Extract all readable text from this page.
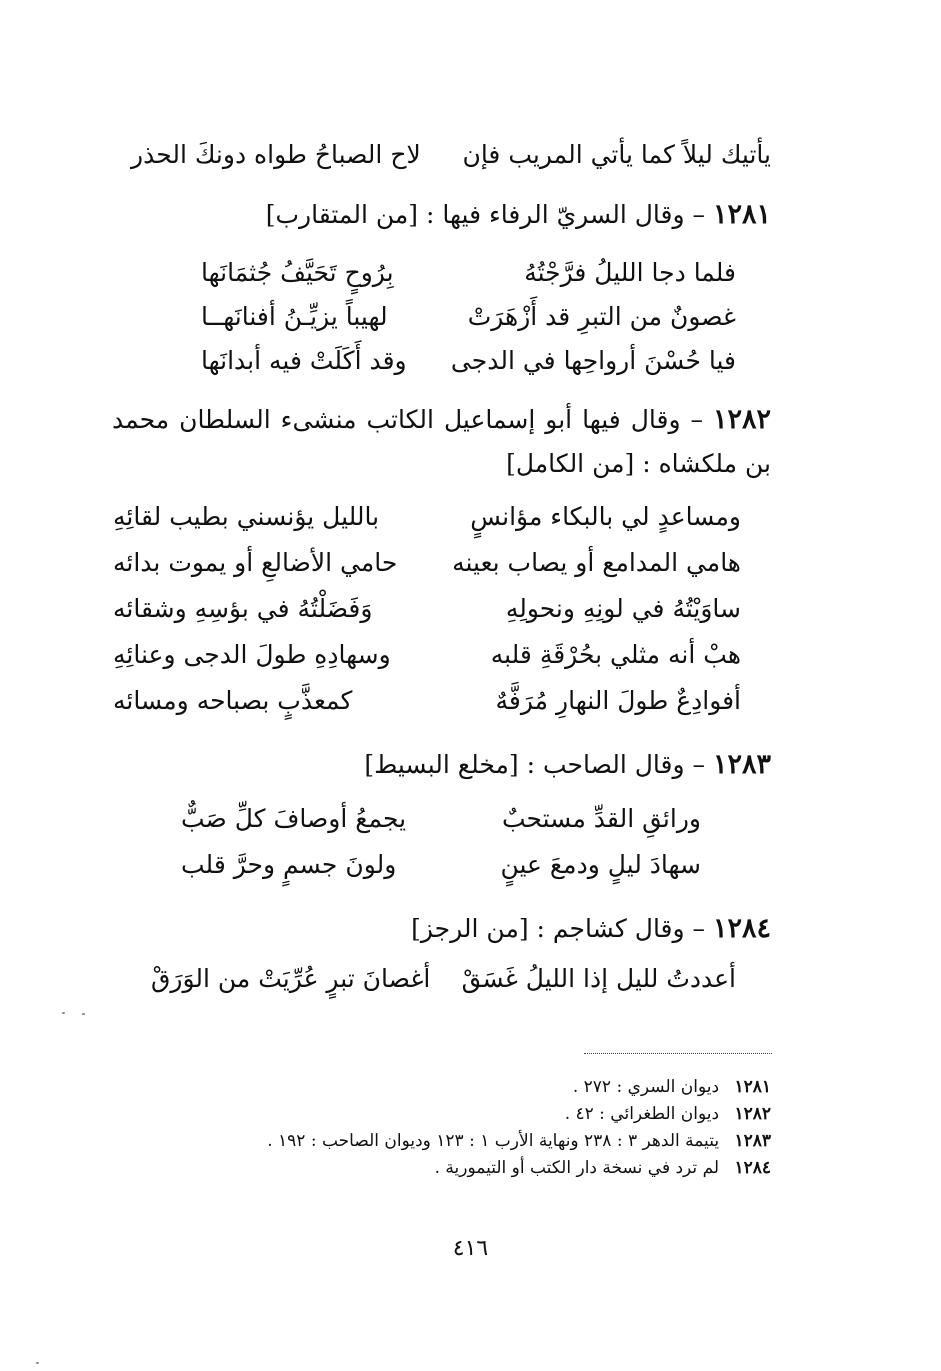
يأتيك ليلاً كما يأتي المريب فإن
لاح الصباحُ طواه دونكَ الحذر
١٢٨١ – وقال السريّ الرفاء فيها : [من المتقارب]
فلما دجا الليلُ فرَّجْتُهُ
بِرُوحٍ تَحَيَّفُ جُثمَانَها
غصونٌ من التبرِ قد أَزْهَرَتْ
لهيباً يزيِّـنُ أفنانَهــا
فيا حُسْنَ أرواحِها في الدجى
وقد أَكَلَتْ فيه أبدانَها
١٢٨٢ – وقال فيها أبو إسماعيل الكاتب منشىء السلطان محمد بن ملكشاه : [من الكامل]
ومساعدٍ لي بالبكاء مؤانسٍ
بالليل يؤنسني بطيب لقائِهِ
هامي المدامع أو يصاب بعينه
حامي الأضالعِ أو يموت بدائه
ساوَيْتُهُ في لونِهِ ونحولِهِ
وَفَضَلْتُهُ في بؤسِهِ وشقائه
هبْ أنه مثلي بحُرْقَةِ قلبه
وسهادِهِ طولَ الدجى وعنائِهِ
أفوادِعٌ طولَ النهارِ مُرَفَّهٌ
كمعذَّبٍ بصباحه ومسائه
١٢٨٣ – وقال الصاحب : [مخلع البسيط]
ورائقِ القدِّ مستحبٌ
يجمعُ أوصافَ كلِّ صَبٌّ
سهادَ ليلٍ ودمعَ عينٍ
ولونَ جسمٍ وحرَّ قلب
١٢٨٤ – وقال كشاجم : [من الرجز]
أعددتُ لليل إذا الليلُ غَسَقْ
أغصانَ تبرٍ عُرِّيَتْ من الوَرَقْ
١٢٨١ ديوان السري : ٢٧٢ .
١٢٨٢ ديوان الطغرائي : ٤٢ .
١٢٨٣ يتيمة الدهر ٣ : ٢٣٨ ونهاية الأرب ١ : ١٢٣ وديوان الصاحب : ١٩٢ .
١٢٨٤ لم ترد في نسخة دار الكتب أو التيمورية .
٤١٦
